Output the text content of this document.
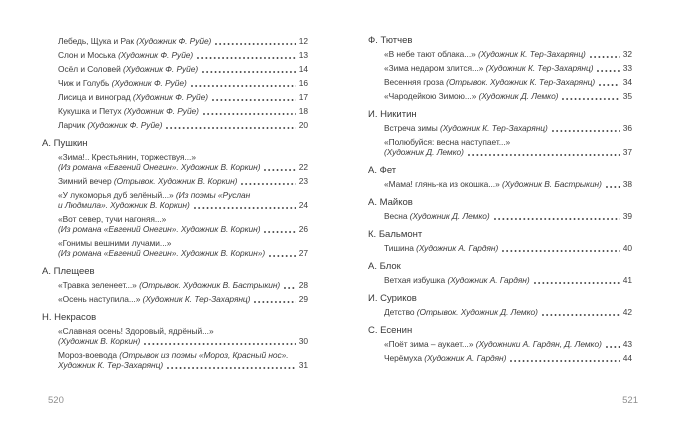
Лебедь, Щука и Рак (Художник Ф. Руйе)	12
Слон и Моська (Художник Ф. Руйе)	13
Осёл и Соловей (Художник Ф. Руйе)	14
Чиж и Голубь (Художник Ф. Руйе)	16
Лисица и виноград (Художник Ф. Руйе)	17
Кукушка и Петух (Художник Ф. Руйе)	18
Ларчик (Художник Ф. Руйе)	20
А. Пушкин
«Зима!.. Крестьянин, торжествуя...»
(Из романа «Евгений Онегин». Художник В. Коркин)	22
Зимний вечер (Отрывок. Художник В. Коркин)	23
«У лукоморья дуб зелёный...» (Из поэмы «Руслан
и Людмила». Художник В. Коркин)	24
«Вот север, тучи нагоняя...»
(Из романа «Евгений Онегин». Художник В. Коркин)	26
«Гонимы вешними лучами...»
(Из романа «Евгений Онегин». Художник В. Коркин»)	27
А. Плещеев
«Травка зеленеет...» (Отрывок. Художник В. Бастрыкин) 28
«Осень наступила...» (Художник К. Тер-Захарянц)	29
Н. Некрасов
«Славная осень! Здоровый, ядрёный...»
(Художник В. Коркин)	30
Мороз-воевода (Отрывок из поэмы «Мороз, Красный нос».
Художник К. Тер-Захарянц)	31
Ф. Тютчев
«В небе тают облака...» (Художник К. Тер-Захарянц)	32
«Зима недаром злится...» (Художник К. Тер-Захарянц)	33
Весенняя гроза (Отрывок. Художник К. Тер-Захарянц)	34
«Чародейкою Зимою...» (Художник Д. Лемко)	35
И. Никитин
Встреча зимы (Художник К. Тер-Захарянц)	36
«Полюбуйся: весна наступает...»
(Художник Д. Лемко)	37
А. Фет
«Мама! глянь-ка из окошка...» (Художник В. Бастрыкин) 38
А. Майков
Весна (Художник Д. Лемко)	39
К. Бальмонт
Тишина (Художник А. Гардян)	40
А. Блок
Ветхая избушка (Художник А. Гардян)	41
И. Суриков
Детство (Отрывок. Художник Д. Лемко)	42
С. Есенин
«Поёт зима – аукает...» (Художники А. Гардян, Д. Лемко) 43
Черёмуха (Художник А. Гардян)	44
520	521
